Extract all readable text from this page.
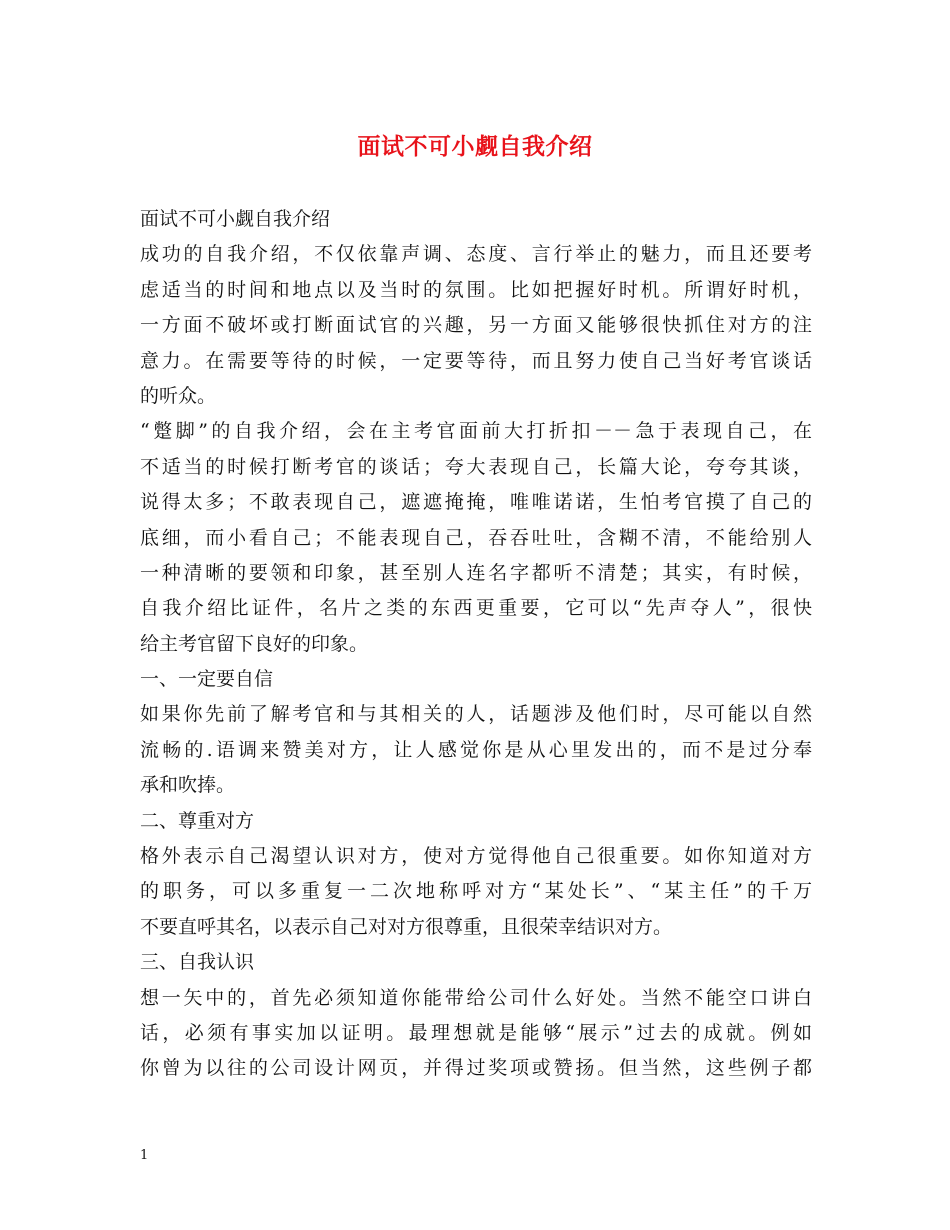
面试不可小觑自我介绍
面试不可小觑自我介绍
成功的自我介绍，不仅依靠声调、态度、言行举止的魅力，而且还要考
虑适当的时间和地点以及当时的氛围。比如把握好时机。所谓好时机，
一方面不破坏或打断面试官的兴趣，另一方面又能够很快抓住对方的注
意力。在需要等待的时候，一定要等待，而且努力使自己当好考官谈话
的听众。
“蹩脚”的自我介绍，会在主考官面前大打折扣－－急于表现自己，在
不适当的时候打断考官的谈话；夸大表现自己，长篇大论，夸夸其谈，
说得太多；不敢表现自己，遮遮掩掩，唯唯诺诺，生怕考官摸了自己的
底细，而小看自己；不能表现自己，吞吞吐吐，含糊不清，不能给别人
一种清晰的要领和印象，甚至别人连名字都听不清楚；其实，有时候，
自我介绍比证件，名片之类的东西更重要，它可以“先声夺人”，很快
给主考官留下良好的印象。
一、一定要自信
如果你先前了解考官和与其相关的人，话题涉及他们时，尽可能以自然
流畅的.语调来赞美对方，让人感觉你是从心里发出的，而不是过分奉
承和吹捧。
二、尊重对方
格外表示自己渴望认识对方，使对方觉得他自己很重要。如你知道对方
的职务，可以多重复一二次地称呼对方“某处长”、“某主任”的千万
不要直呼其名，以表示自己对对方很尊重，且很荣幸结识对方。
三、自我认识
想一矢中的，首先必须知道你能带给公司什么好处。当然不能空口讲白
话，必须有事实加以证明。最理想就是能够“展示”过去的成就。例如
你曾为以往的公司设计网页，并得过奖项或赞扬。但当然，这些例子都
1
